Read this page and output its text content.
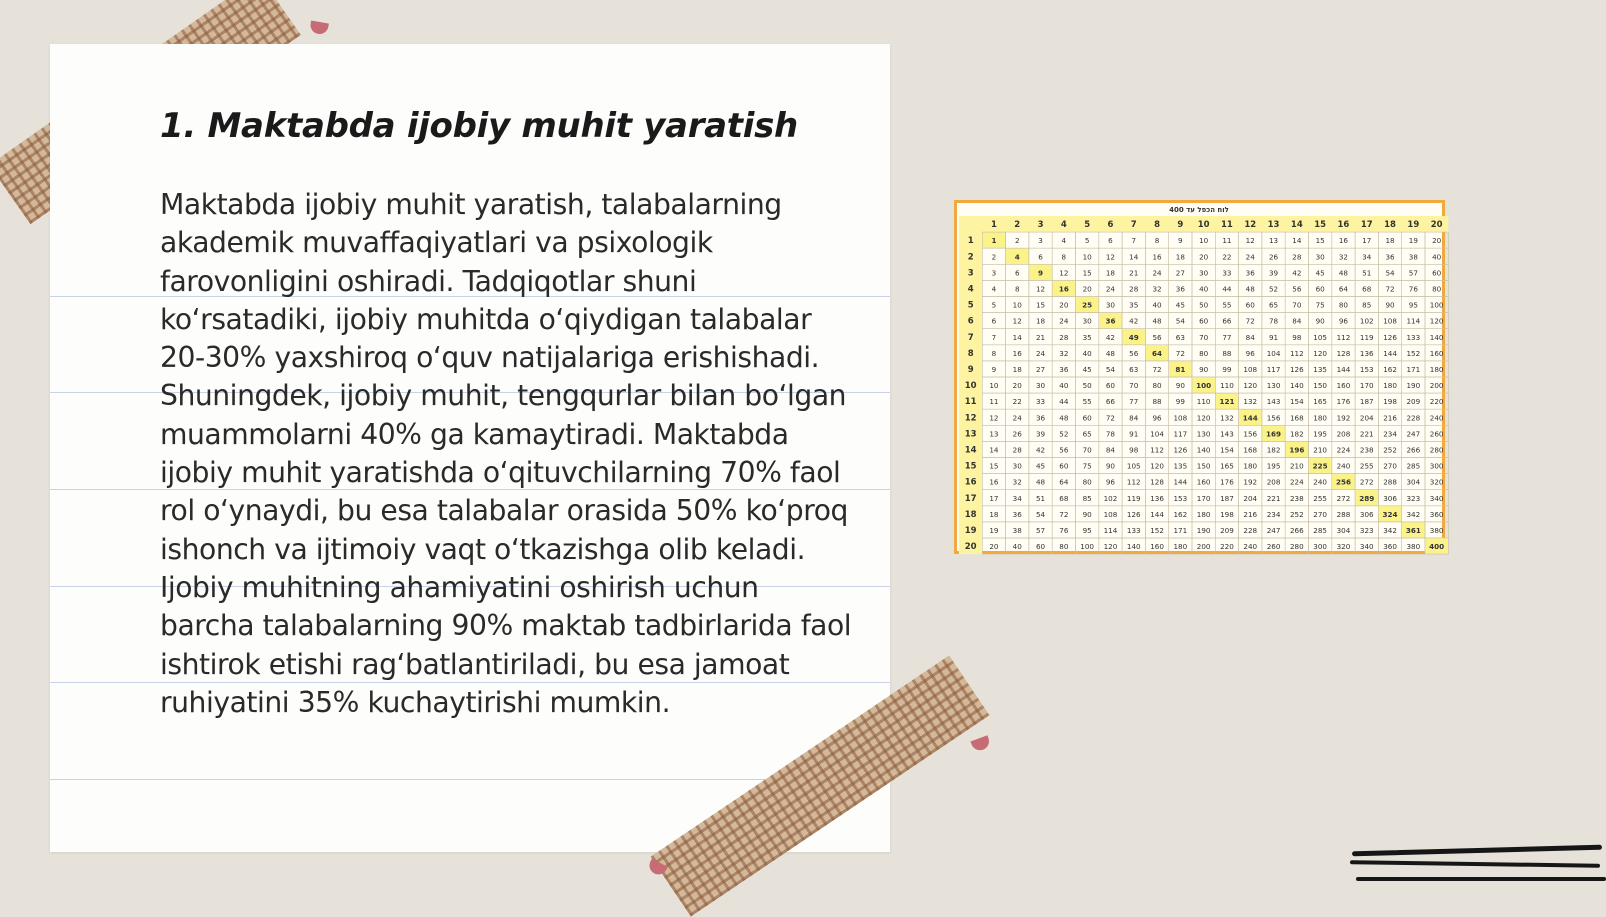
1. Maktabda ijobiy muhit yaratish

Maktabda ijobiy muhit yaratish, talabalarning akademik muvaffaqiyatlari va psixologik farovonligini oshiradi. Tadqiqotlar shuni ko‘rsatadiki, ijobiy muhitda o‘qiydigan talabalar 20-30% yaxshiroq o‘quv natijalariga erishishadi. Shuningdek, ijobiy muhit, tengqurlar bilan bo‘lgan muammolarni 40% ga kamaytiradi. Maktabda ijobiy muhit yaratishda o‘qituvchilarning 70% faol rol o‘ynaydi, bu esa talabalar orasida 50% ko‘proq ishonch va ijtimoiy vaqt o‘tkazishga olib keladi. Ijobiy muhitning ahamiyatini oshirish uchun barcha talabalarning 90% maktab tadbirlarida faol ishtirok etishi rag‘batlantiriladi, bu esa jamoat ruhiyatini 35% kuchaytirishi mumkin.

לוח הכפל עד 400
1 2 3 4 5 6 7 8 9 10 11 12 13 14 15 16 17 18 19 20
1 1	2	3	4	5	6	7	8	9 10 11 12 13 14 15 16 17 18 19 20
2	2	4	6	8 10 12 14 16 18 20 22 24 26 28 30 32 34 36 38 40
3	3	6	9 12 15 18 21 24 27 30 33 36 39 42 45 48 51 54 57 60
4	4	8 12 16 20 24 28 32 36 40 44 48 52 56 60 64 68 72 76 80
5	5 10 15 20 25 30 35 40 45 50 55 60 65 70 75 80 85 90 95 100
6	6 12 18 24 30 36 42 48 54 60 66 72 78 84 90 96 102 108 114 120
7	7 14 21 28 35 42 49 56 63 70 77 84 91 98 105 112 119 126 133 140
8	8 16 24 32 40 48 56 64 72 80 88 96 104 112 120 128 136 144 152 160
9	9 18 27 36 45 54 63 72 81 90 99 108 117 126 135 144 153 162 171 180
10 10 20 30 40 50 60 70 80 90 100 110 120 130 140 150 160 170 180 190 200
11 11 22 33 44 55 66 77 88 99 110 121 132 143 154 165 176 187 198 209 220
12 12 24 36 48 60 72 84 96 108 120 132 144 156 168 180 192 204 216 228 240
13 13 26 39 52 65 78 91 104 117 130 143 156 169 182 195 208 221 234 247 260
14 14 28 42 56 70 84 98 112 126 140 154 168 182 196 210 224 238 252 266 280
15 15 30 45 60 75 90 105 120 135 150 165 180 195 210 225 240 255 270 285 300
16 16 32 48 64 80 96 112 128 144 160 176 192 208 224 240 256 272 288 304 320
17 17 34 51 68 85 102 119 136 153 170 187 204 221 238 255 272 289 306 323 340
18 18 36 54 72 90 108 126 144 162 180 198 216 234 252 270 288 306 324 342 360
19 19 38 57 76 95 114 133 152 171 190 209 228 247 266 285 304 323 342 361 380
20 20 40 60 80 100 120 140 160 180 200 220 240 260 280 300 320 340 360 380 400
